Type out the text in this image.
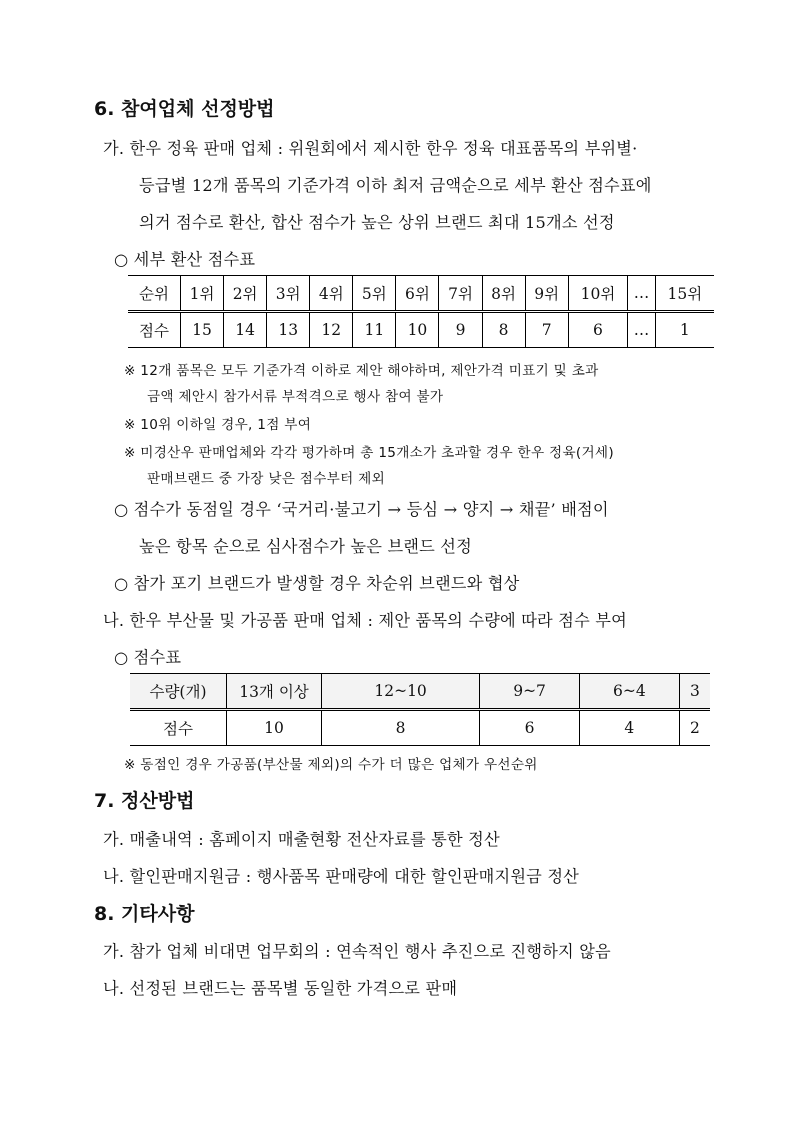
6. 참여업체 선정방법
가. 한우 정육 판매 업체 : 위원회에서 제시한 한우 정육 대표품목의 부위별·
등급별 12개 품목의 기준가격 이하 최저 금액순으로 세부 환산 점수표에
의거 점수로 환산, 합산 점수가 높은 상위 브랜드 최대 15개소 선정
○ 세부 환산 점수표
순위	1위	2위	3위	4위	5위	6위	7위	8위	9위	10위	…	15위
점수	15	14	13	12	11	10	9	8	7	6	…	1
※ 12개 품목은 모두 기준가격 이하로 제안 해야하며, 제안가격 미표기 및 초과
금액 제안시 참가서류 부적격으로 행사 참여 불가
※ 10위 이하일 경우, 1점 부여
※ 미경산우 판매업체와 각각 평가하며 총 15개소가 초과할 경우 한우 정육(거세)
판매브랜드 중 가장 낮은 점수부터 제외
○ 점수가 동점일 경우 ‘국거리·불고기 → 등심 → 양지 → 채끝’ 배점이
높은 항목 순으로 심사점수가 높은 브랜드 선정
○ 참가 포기 브랜드가 발생할 경우 차순위 브랜드와 협상
나. 한우 부산물 및 가공품 판매 업체 : 제안 품목의 수량에 따라 점수 부여
○ 점수표
수량(개)	13개 이상	12~10	9~7	6~4	3
점수	10	8	6	4	2
※ 동점인 경우 가공품(부산물 제외)의 수가 더 많은 업체가 우선순위
7. 정산방법
가. 매출내역 : 홈페이지 매출현황 전산자료를 통한 정산
나. 할인판매지원금 : 행사품목 판매량에 대한 할인판매지원금 정산
8. 기타사항
가. 참가 업체 비대면 업무회의 : 연속적인 행사 추진으로 진행하지 않음
나. 선정된 브랜드는 품목별 동일한 가격으로 판매
